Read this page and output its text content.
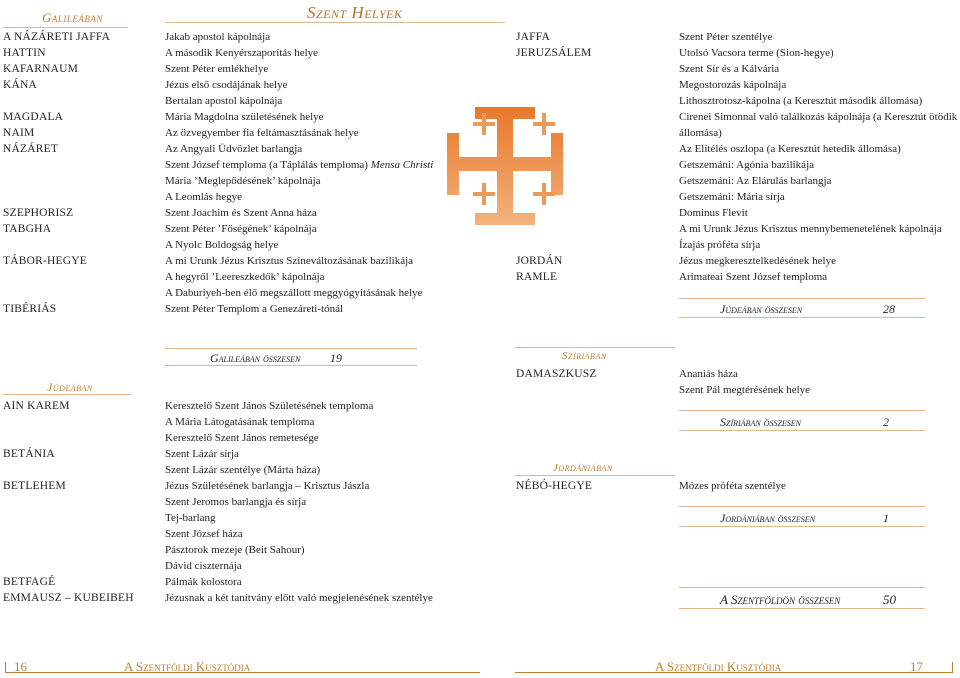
Galileában	Szent Helyek
A NÁZÁRETI JAFFA	Jakab apostol kápolnája
HATTIN	A második Kenyérszaporítás helye
KAFARNAUM	Szent Péter emlékhelye
KÁNA	Jézus első csodájának helye
Bertalan apostol kápolnája
MAGDALA	Mária Magdolna születésének helye
NAIM	Az özvegyember fia feltámasztásának helye
NÁZÁRET	Az Angyali Üdvözlet barlangja
Szent József temploma (a Táplálás temploma) Mensa Christi
Mária ’Meglepődésének’ kápolnája
A Leomlás hegye
SZEPHORISZ	Szent Joachim és Szent Anna háza
TABGHA	Szent Péter ’Főségének’ kápolnája
A Nyolc Boldogság helye
TÁBOR-HEGYE	A mi Urunk Jézus Krisztus Színeváltozásának bazilikája
A hegyről ’Leereszkedők’ kápolnája
A Daburiyeh-ben élő megszállott meggyógyításának helye
TIBÉRIÁS	Szent Péter Templom a Genezáreti-tónál
Galileában összesen 19
Júdeában
AIN KAREM	Keresztelő Szent János Születésének temploma
A Mária Látogatásának temploma
Keresztelő Szent János remetesége
BETÁNIA	Szent Lázár sírja
Szent Lázár szentélye (Márta háza)
BETLEHEM	Jézus Születésének barlangja – Krisztus Jászla
Szent Jeromos barlangja és sírja
Tej-barlang
Szent József háza
Pásztorok mezeje (Beit Sahour)
Dávid ciszternája
BETFAGÉ	Pálmák kolostora
EMMAUSZ – KUBEIBEH	Jézusnak a két tanítvány előtt való megjelenésének szentélye
JAFFA	Szent Péter szentélye
JERUZSÁLEM	Utolsó Vacsora terme (Sion-hegye)
Szent Sír és a Kálvária
Megostorozás kápolnája
Lithosztrotosz-kápolna (a Keresztút második állomása)
Cirenei Simonnal való találkozás kápolnája (a Keresztút ötödik
állomása)
Az Elítélés oszlopa (a Keresztút hetedik állomása)
Getszemáni: Agónia bazilikája
Getszemáni: Az Elárulás barlangja
Getszemáni: Mária sírja
Dominus Flevit
A mi Urunk Jézus Krisztus mennybemenetelének kápolnája
Ízajás próféta sírja
JORDÁN	Jézus megkeresztelkedésének helye
RAMLE	Arimateai Szent József temploma
Júdeában összesen	28
Szíriában
DAMASZKUSZ	Ananiás háza
Szent Pál megtérésének helye
Szíriában összesen	2
Jordániában
NÉBÓ-HEGYE	Mózes próféta szentélye
Jordániában összesen	1
A Szentföldön összesen	50
16	A Szentföldi Kusztódia	A Szentföldi Kusztódia	17
